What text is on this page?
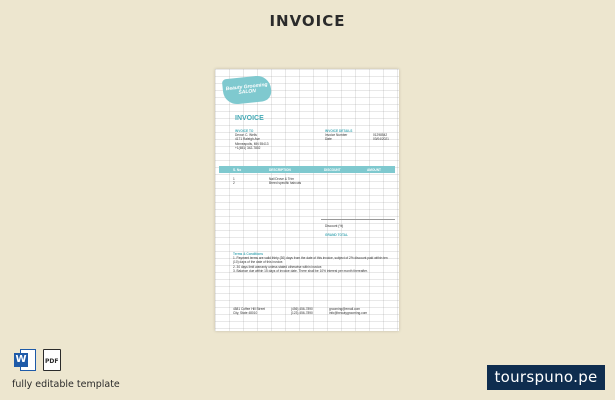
INVOICE
Beauty Grooming SALON
INVOICE
INVOICE TO
Devon C. Wells
4171 Raleigh Ave
Minneapolis, MN 55413
+1(651) 342-7802
INVOICE DETAILS
Invoice Number	01298542
Date	03/04/2021
S. No	DESCRIPTION	DISCOUNT	AMOUNT
1	Nail Drove & Trim
2	Breed specific haircuts
Discount (%)
GRAND TOTAL
Terms & Conditions
1. Payment terms are valid thirty (30) days from the date of this invoice, subject of 2% discount paid within ten (10) days of the date of this invoice.
2. 30 days limit warranty unless stated otherwise within invoice.
3. Balance due within 15 days of invoice date. There shall be 10% interest per month thereafter.
4581 Coffee Hill Street	(456) 456-7890	grooming@email.com
City, State 48010	(123) 456-7890	info@beautygrooming.com
W	PDF
fully editable template	tourspuno.pe
